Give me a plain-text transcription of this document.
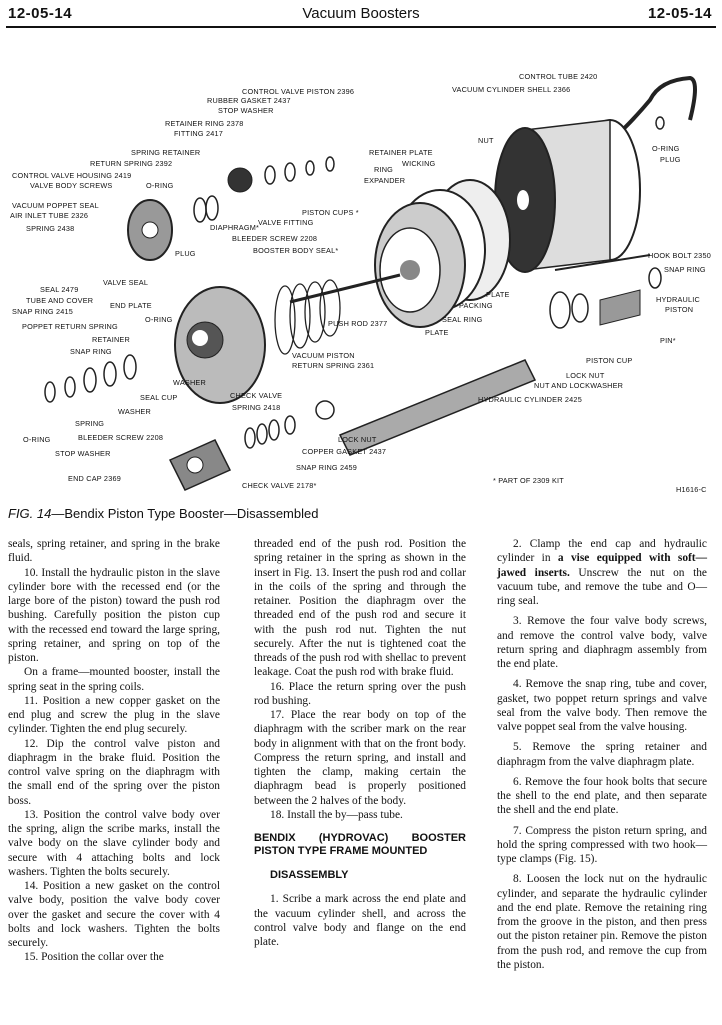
12-05-14	Vacuum Boosters	12-05-14
CONTROL VALVE PISTON 2396
RUBBER GASKET 2437
STOP WASHER
RETAINER RING 2378
FITTING 2417
SPRING RETAINER
RETURN SPRING 2392
CONTROL VALVE HOUSING 2419
VALVE BODY SCREWS	O-RING
VACUUM POPPET SEAL
AIR INLET TUBE 2326
SPRING 2438
SEAL 2479
TUBE AND COVER
SNAP RING 2415
POPPET RETURN SPRING
RETAINER
SNAP RING
O-RING
STOP WASHER
BLEEDER SCREW 2208
SPRING
WASHER
SEAL CUP
WASHER
END CAP 2369
CHECK VALVE 2178*
SNAP RING 2459
COPPER GASKET 2437
LOCK NUT
CHECK VALVE
SPRING 2418
VACUUM PISTON
RETURN SPRING 2361
PUSH ROD 2377
O-RING
END PLATE
VALVE SEAL
PLUG
DIAPHRAGM*
VALVE FITTING
PISTON CUPS *
BLEEDER SCREW 2208
BOOSTER BODY SEAL*
RETAINER PLATE
RING
WICKING
EXPANDER
NUT
CONTROL TUBE 2420
VACUUM CYLINDER SHELL 2366
O-RING
PLUG
HOOK BOLT 2350
SNAP RING
HYDRAULIC
PISTON
PIN*
PISTON CUP
LOCK NUT
NUT AND LOCKWASHER
HYDRAULIC CYLINDER 2425
PLATE
PACKING
SEAL RING
PLATE
* PART OF 2309 KIT
H1616-C
FIG. 14—Bendix Piston Type Booster—Disassembled

seals, spring retainer, and spring in the brake fluid.

10. Install the hydraulic piston in the slave cylinder bore with the recessed end (or the large bore of the piston) toward the push rod bushing. Carefully position the piston cup with the recessed end toward the large spring, spring retainer, and spring on top of the piston.

On a frame—mounted booster, install the spring seat in the spring coils.

11. Position a new copper gasket on the end plug and screw the plug in the slave cylinder. Tighten the end plug securely.

12. Dip the control valve piston and diaphragm in the brake fluid. Position the control valve spring on the diaphragm with the small end of the spring over the piston boss.

13. Position the control valve body over the spring, align the scribe marks, install the valve body on the slave cylinder body and secure with 4 attaching bolts and lock washers. Tighten the bolts securely.

14. Position a new gasket on the control valve body, position the valve body cover over the gasket and secure the cover with 4 bolts and lock washers. Tighten the bolts securely.

15. Position the collar over the

threaded end of the push rod. Position the spring retainer in the spring as shown in the insert in Fig. 13. Insert the push rod and collar in the coils of the spring and through the retainer. Position the diaphragm over the threaded end of the push rod and secure it with the push rod nut. Tighten the nut securely. After the nut is tightened coat the threads of the push rod with shellac to prevent leakage. Coat the push rod with brake fluid.

16. Place the return spring over the push rod bushing.

17. Place the rear body on top of the diaphragm with the scriber mark on the rear body in alignment with that on the front body. Compress the return spring, and install and tighten the clamp, making certain the diaphragm bead is properly positioned between the 2 halves of the body.

18. Install the by—pass tube.

BENDIX (HYDROVAC) BOOSTER PISTON TYPE FRAME MOUNTED

DISASSEMBLY

1. Scribe a mark across the end plate and the vacuum cylinder shell, and across the control valve body and flange on the end plate.

2. Clamp the end cap and hydraulic cylinder in a vise equipped with soft—jawed inserts. Unscrew the nut on the vacuum tube, and remove the tube and O—ring seal.

3. Remove the four valve body screws, and remove the control valve body, valve return spring and diaphragm assembly from the end plate.

4. Remove the snap ring, tube and cover, gasket, two poppet return springs and valve seal from the valve body. Then remove the valve poppet seal from the valve housing.

5. Remove the spring retainer and diaphragm from the valve diaphragm plate.

6. Remove the four hook bolts that secure the shell to the end plate, and then separate the shell and the end plate.

7. Compress the piston return spring, and hold the spring compressed with two hook—type clamps (Fig. 15).

8. Loosen the lock nut on the hydraulic cylinder, and separate the hydraulic cylinder and the end plate. Remove the retaining ring from the groove in the piston, and then press out the piston retainer pin. Remove the piston from the push rod, and remove the cup from the piston.
